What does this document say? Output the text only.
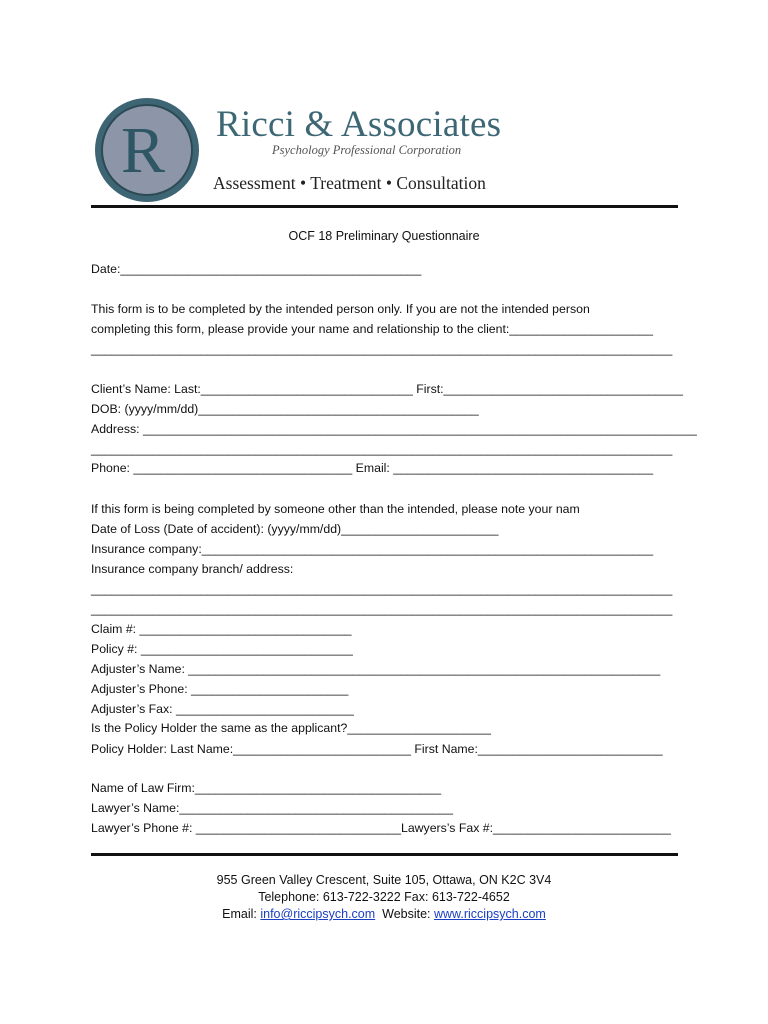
R Ricci & Associates
Psychology Professional Corporation
Assessment • Treatment • Consultation
OCF 18 Preliminary Questionnaire
Date:____________________________________________
This form is to be completed by the intended person only. If you are not the intended person
completing this form, please provide your name and relationship to the client:_____________________
_____________________________________________________________________________________
Client’s Name: Last:_______________________________ First:___________________________________
DOB: (yyyy/mm/dd)_________________________________________
Address: _________________________________________________________________________________
_____________________________________________________________________________________
Phone: ________________________________ Email: ______________________________________
If this form is being completed by someone other than the intended, please note your nam
Date of Loss (Date of accident): (yyyy/mm/dd)_______________________
Insurance company:__________________________________________________________________
Insurance company branch/ address:
_____________________________________________________________________________________
_____________________________________________________________________________________
Claim #: _______________________________
Policy #: _______________________________
Adjuster’s Name: _____________________________________________________________________
Adjuster’s Phone: _______________________
Adjuster’s Fax: __________________________
Is the Policy Holder the same as the applicant?_____________________
Policy Holder: Last Name:__________________________ First Name:___________________________
Name of Law Firm:____________________________________
Lawyer’s Name:________________________________________
Lawyer’s Phone #: ______________________________Lawyers’s Fax #:__________________________
955 Green Valley Crescent, Suite 105, Ottawa, ON K2C 3V4
Telephone: 613-722-3222 Fax: 613-722-4652
Email: info@riccipsych.com  Website: www.riccipsych.com
